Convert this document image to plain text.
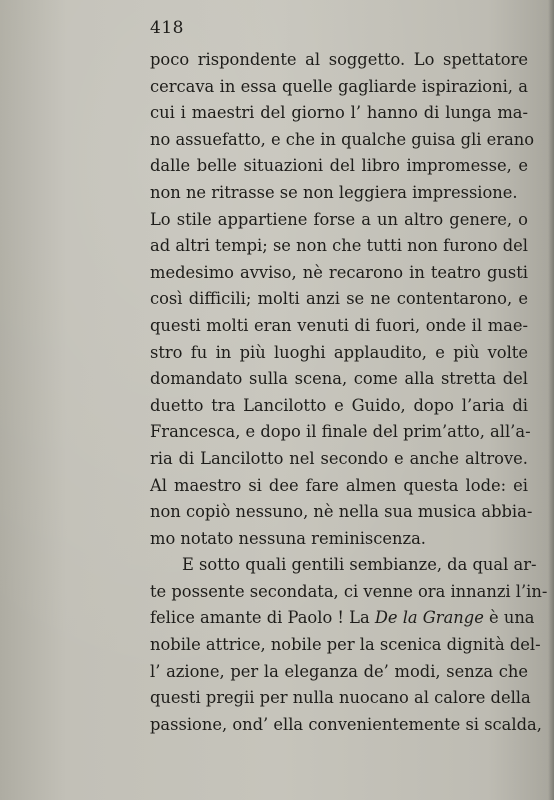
418
poco rispondente al soggetto. Lo spettatore
cercava in essa quelle gagliarde ispirazioni, a
cui i maestri del giorno l’ hanno di lunga ma-
no assuefatto, e che in qualche guisa gli erano
dalle belle situazioni del libro impromesse, e
non ne ritrasse se non leggiera impressione.
Lo stile appartiene forse a un altro genere, o
ad altri tempi; se non che tutti non furono del
medesimo avviso, nè recarono in teatro gusti
così difficili; molti anzi se ne contentarono, e
questi molti eran venuti di fuori, onde il mae-
stro fu in più luoghi applaudito, e più volte
domandato sulla scena, come alla stretta del
duetto tra Lancilotto e Guido, dopo l’aria di
Francesca, e dopo il finale del prim’atto, all’a-
ria di Lancilotto nel secondo e anche altrove.
Al maestro si dee fare almen questa lode: ei
non copiò nessuno, nè nella sua musica abbia-
mo notato nessuna reminiscenza.
E sotto quali gentili sembianze, da qual ar-
te possente secondata, ci venne ora innanzi l’in-
felice amante di Paolo ! La De la Grange è una
nobile attrice, nobile per la scenica dignità del-
l’ azione, per la eleganza de’ modi, senza che
questi pregii per nulla nuocano al calore della
passione, ond’ ella convenientemente si scalda,
